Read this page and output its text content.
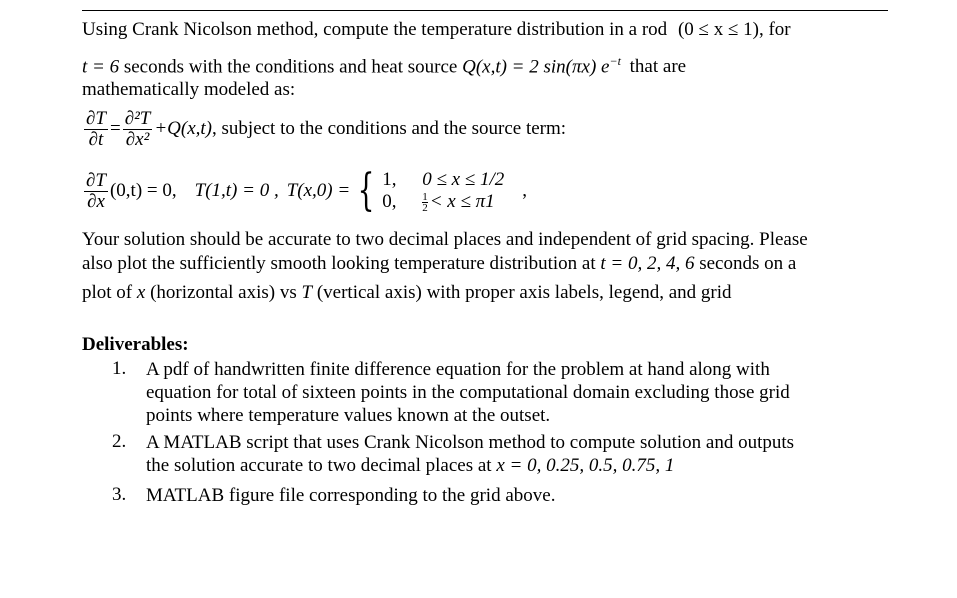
Using Crank Nicolson method, compute the temperature distribution in a rod (0 ≤ x ≤ 1), for
t = 6 seconds with the conditions and heat source Q(x,t) = 2 sin(πx) $e^{-t}$ that are
mathematically modeled as:
$\frac{\partial T}{\partial t} = \frac{\text{∂²T}}{\text{∂x²}} +Q(x,t)$ , subject to the conditions and the source term:
$\frac{\partial T}{\partial x} (0,t) = 0$, T(1,t) = 0 , T(x,0) = { 1, 0 ≤ x ≤ 1/2
0, $\frac{1}{2} < x \le \pi 1$
,
Your solution should be accurate to two decimal places and independent of grid spacing. Please
also plot the sufficiently smooth looking temperature distribution at t = 0, 2, 4, 6 seconds on a
plot of x (horizontal axis) vs T (vertical axis) with proper axis labels, legend, and grid
Deliverables:
1. A pdf of handwritten finite difference equation for the problem at hand along with
equation for total of sixteen points in the computational domain excluding those grid
points where temperature values known at the outset.
2. A MATLAB script that uses Crank Nicolson method to compute solution and outputs
the solution accurate to two decimal places at x = 0, 0.25, 0.5, 0.75, 1
3. MATLAB figure file corresponding to the grid above.
